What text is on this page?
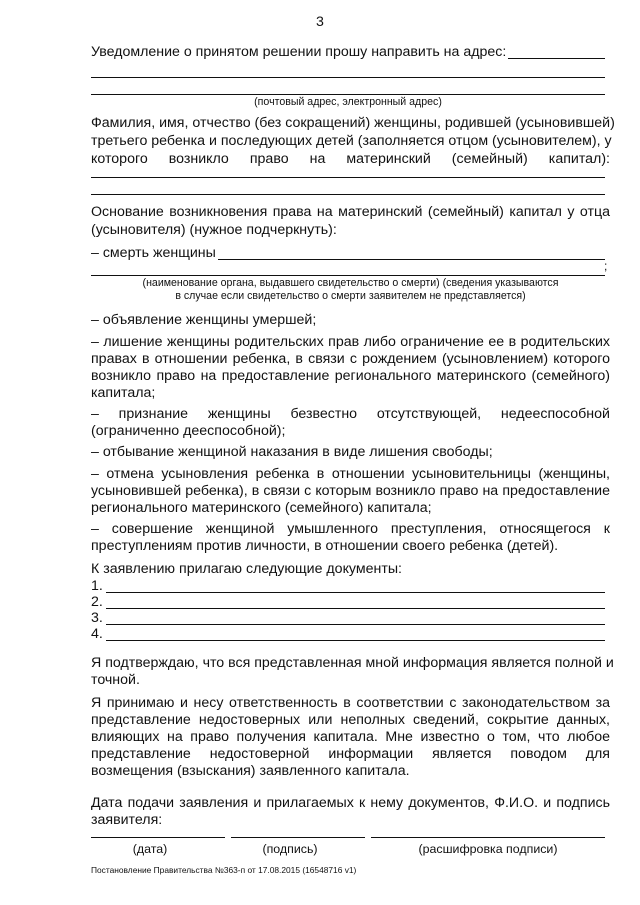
3
Уведомление о принятом решении прошу направить на адрес:
(почтовый адрес, электронный адрес)
Фамилия, имя, отчество (без сокращений) женщины, родившей (усыновившей)
третьего ребенка и последующих детей (заполняется отцом (усыновителем), у
которого возникло право на материнский (семейный) капитал):
Основание возникновения права на материнский (семейный) капитал у отца
(усыновителя) (нужное подчеркнуть):
– смерть женщины
;
(наименование органа, выдавшего свидетельство о смерти) (сведения указываются
в случае если свидетельство о смерти заявителем не представляется)
– объявление женщины умершей;
– лишение женщины родительских прав либо ограничение ее в родительских
правах в отношении ребенка, в связи с рождением (усыновлением) которого
возникло право на предоставление регионального материнского (семейного)
капитала;
– признание женщины безвестно отсутствующей, недееспособной
(ограниченно дееспособной);
– отбывание женщиной наказания в виде лишения свободы;
– отмена усыновления ребенка в отношении усыновительницы (женщины,
усыновившей ребенка), в связи с которым возникло право на предоставление
регионального материнского (семейного) капитала;
– совершение женщиной умышленного преступления, относящегося к
преступлениям против личности, в отношении своего ребенка (детей).
К заявлению прилагаю следующие документы:
1.
2.
3.
4.
Я подтверждаю, что вся представленная мной информация является полной и
точной.
Я принимаю и несу ответственность в соответствии с законодательством за
представление недостоверных или неполных сведений, сокрытие данных,
влияющих на право получения капитала. Мне известно о том, что любое
представление недостоверной информации является поводом для
возмещения (взыскания) заявленного капитала.
Дата подачи заявления и прилагаемых к нему документов, Ф.И.О. и подпись
заявителя:
(дата)	(подпись)	(расшифровка подписи)
Постановление Правительства №363-п от 17.08.2015 (16548716 v1)
